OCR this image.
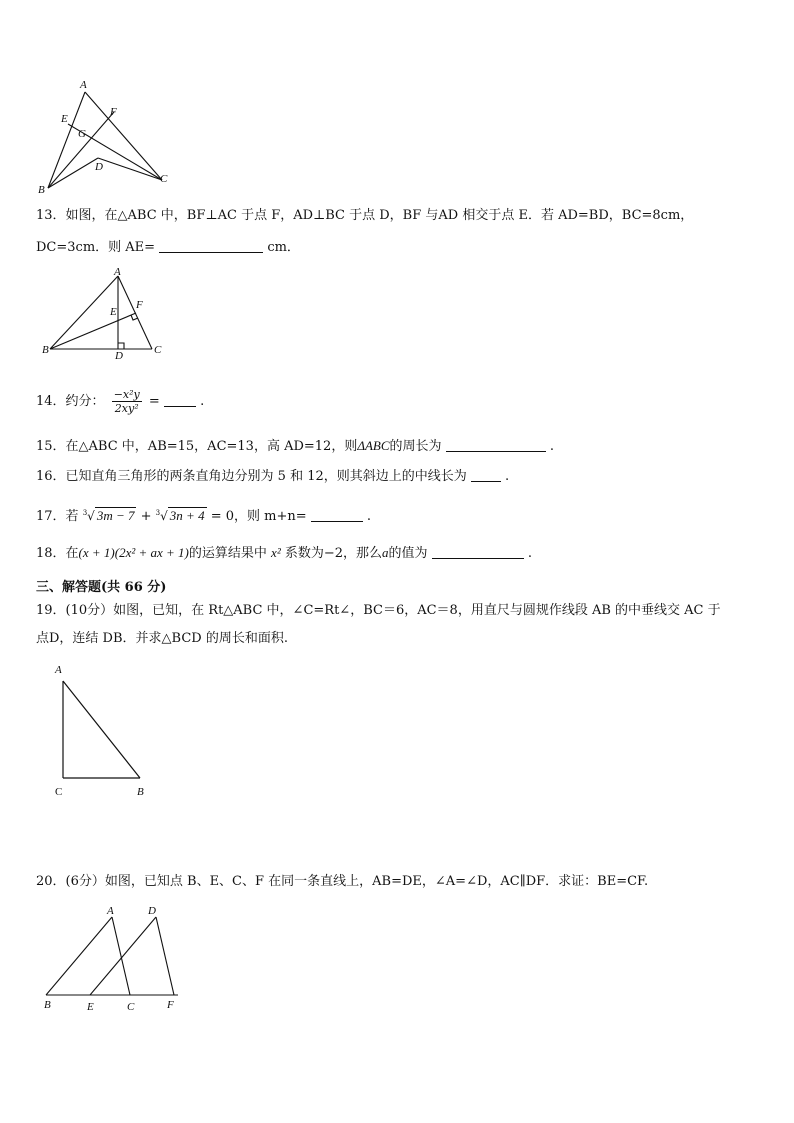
A
E
F
G
D
B
C
13．如图，在△ABC 中，BF⊥AC 于点 F，AD⊥BC 于点 D，BF 与AD 相交于点 E．若 AD=BD，BC=8cm，
DC=3cm．则 AE=	cm．
A
F
E
B	D	C
14．约分： $\frac{\text{−x²y}}{\text{2xy²}}$ =	.
15．在△ABC 中，AB=15，AC=13，高 AD=12，则ΔABC的周长为	.
16．已知直角三角形的两条直角边分别为 5 和 12，则其斜边上的中线长为	.
17．若 $^3$√ 3m − 7 + $^3$√ 3n + 4 = 0，则 m+n=	.
18．在(x + 1)(2x² + ax + 1)的运算结果中 x² 系数为−2，那么a的值为	.
三、解答题(共 66 分)
19．(10分）如图，已知，在 Rt△ABC 中，∠C=Rt∠，BC＝6，AC＝8，用直尺与圆规作线段 AB 的中垂线交 AC 于
点D，连结 DB．并求△BCD 的周长和面积.
A
C	B
20．(6分）如图，已知点 B、E、C、F 在同一条直线上，AB=DE，∠A=∠D，AC∥DF．求证：BE=CF.
A	D
B	E	C	F
